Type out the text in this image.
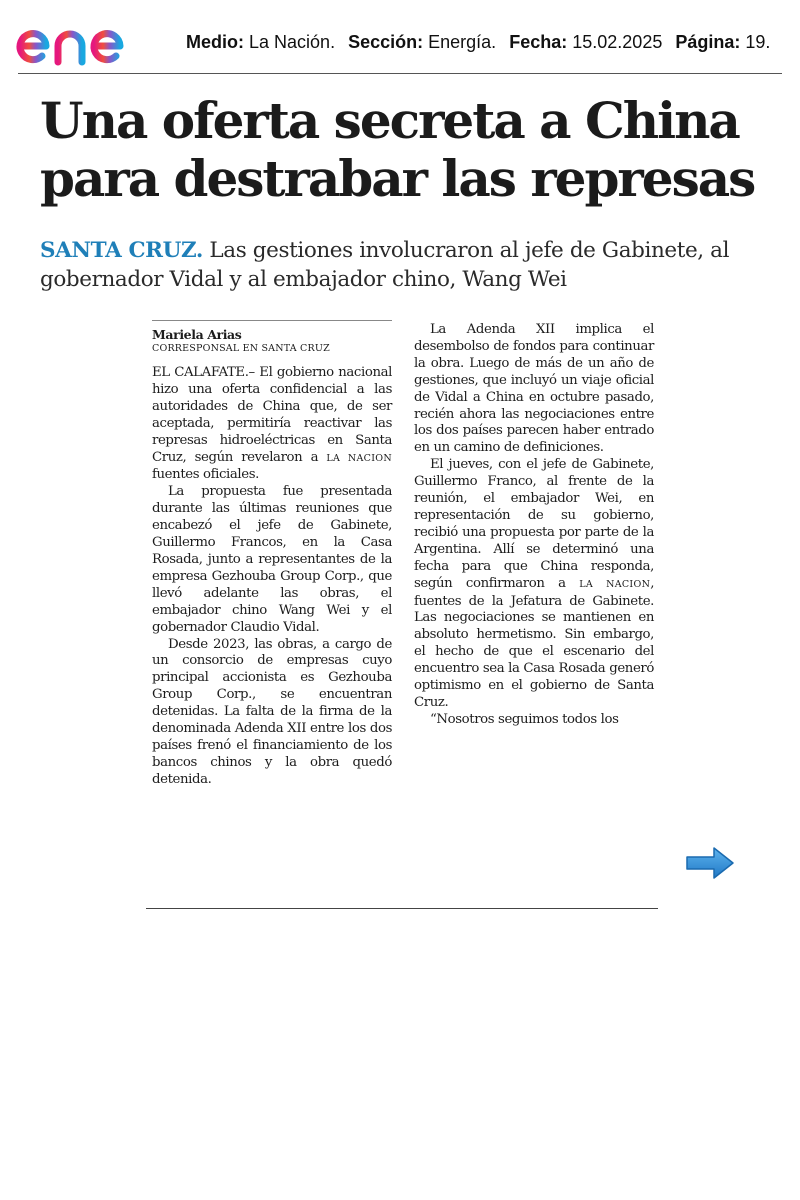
Medio: La Nación. Sección: Energía. Fecha: 15.02.2025 Página: 19.
Una oferta secreta a China para destrabar las represas

SANTA CRUZ. Las gestiones involucraron al jefe de Gabinete, al gobernador Vidal y al embajador chino, Wang Wei

Mariela Arias

CORRESPONSAL EN SANTA CRUZ

EL CALAFATE.– El gobierno nacional hizo una oferta confidencial a las autoridades de China que, de ser aceptada, permitiría reactivar las represas hidroeléctricas en Santa Cruz, según revelaron a LA NACION fuentes oficiales.

La propuesta fue presentada durante las últimas reuniones que encabezó el jefe de Gabinete, Guillermo Francos, en la Casa Rosada, junto a representantes de la empresa Gezhouba Group Corp., que llevó adelante las obras, el embajador chino Wang Wei y el gobernador Claudio Vidal.

Desde 2023, las obras, a cargo de un consorcio de empresas cuyo principal accionista es Gezhouba Group Corp., se encuentran detenidas. La falta de la firma de la denominada Adenda XII entre los dos países frenó el financiamiento de los bancos chinos y la obra quedó detenida.

La Adenda XII implica el desembolso de fondos para continuar la obra. Luego de más de un año de gestiones, que incluyó un viaje oficial de Vidal a China en octubre pasado, recién ahora las negociaciones entre los dos países parecen haber entrado en un camino de definiciones.

El jueves, con el jefe de Gabinete, Guillermo Franco, al frente de la reunión, el embajador Wei, en representación de su gobierno, recibió una propuesta por parte de la Argentina. Allí se determinó una fecha para que China responda, según confirmaron a LA NACION, fuentes de la Jefatura de Gabinete. Las negociaciones se mantienen en absoluto hermetismo. Sin embargo, el hecho de que el escenario del encuentro sea la Casa Rosada generó optimismo en el gobierno de Santa Cruz.

“Nosotros seguimos todos los
